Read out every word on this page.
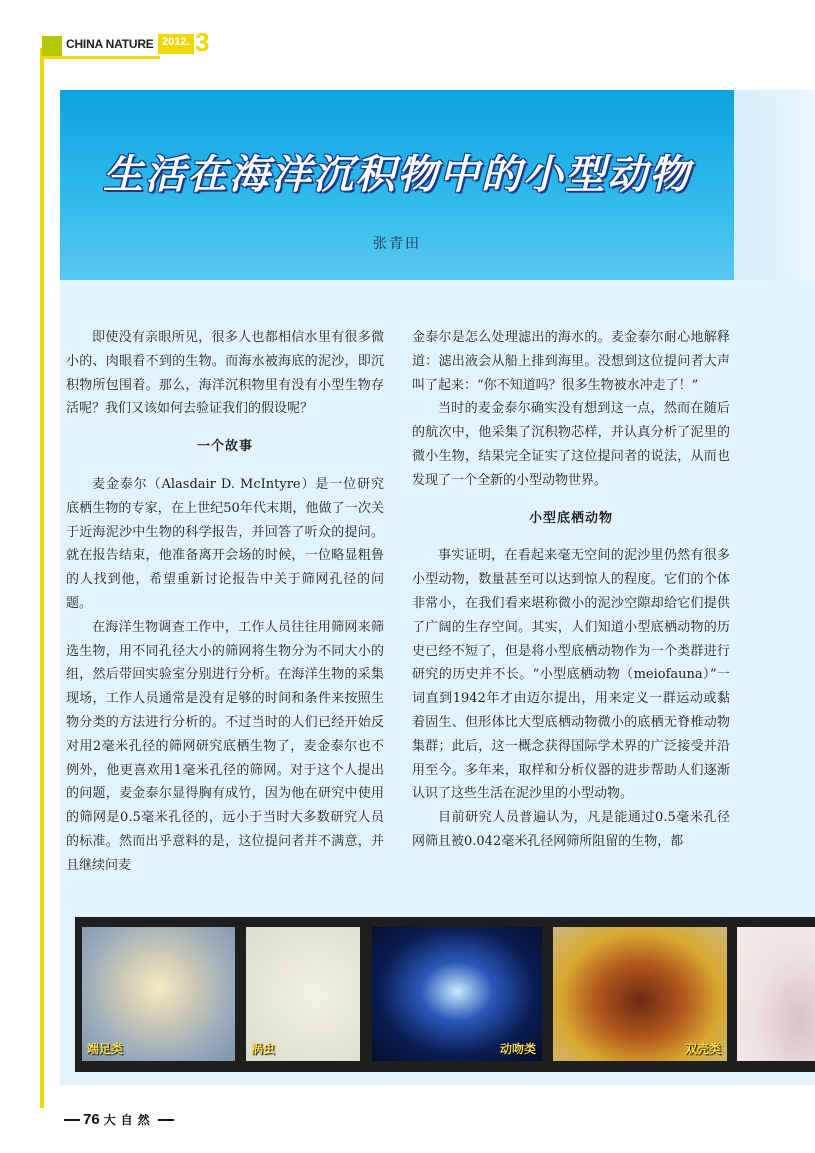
CHINA NATURE 2012. 3
生活在海洋沉积物中的小型动物
张青田

即使没有亲眼所见，很多人也都相信水里有很多微小的、肉眼看不到的生物。而海水被海底的泥沙，即沉积物所包围着。那么，海洋沉积物里有没有小型生物存活呢？我们又该如何去验证我们的假设呢？

一个故事

麦金泰尔（Alasdair D. McIntyre）是一位研究底栖生物的专家，在上世纪50年代末期，他做了一次关于近海泥沙中生物的科学报告，并回答了听众的提问。就在报告结束，他准备离开会场的时候，一位略显粗鲁的人找到他，希望重新讨论报告中关于筛网孔径的问题。

在海洋生物调查工作中，工作人员往往用筛网来筛选生物，用不同孔径大小的筛网将生物分为不同大小的组，然后带回实验室分别进行分析。在海洋生物的采集现场，工作人员通常是没有足够的时间和条件来按照生物分类的方法进行分析的。不过当时的人们已经开始反对用2毫米孔径的筛网研究底栖生物了，麦金泰尔也不例外，他更喜欢用1毫米孔径的筛网。对于这个人提出的问题，麦金泰尔显得胸有成竹，因为他在研究中使用的筛网是0.5毫米孔径的，远小于当时大多数研究人员的标准。然而出乎意料的是，这位提问者并不满意，并且继续问麦

金泰尔是怎么处理滤出的海水的。麦金泰尔耐心地解释道：滤出液会从船上排到海里。没想到这位提问者大声叫了起来：“你不知道吗？很多生物被水冲走了！”

当时的麦金泰尔确实没有想到这一点，然而在随后的航次中，他采集了沉积物芯样，并认真分析了泥里的微小生物，结果完全证实了这位提问者的说法，从而也发现了一个全新的小型动物世界。

小型底栖动物

事实证明，在看起来毫无空间的泥沙里仍然有很多小型动物，数量甚至可以达到惊人的程度。它们的个体非常小，在我们看来堪称微小的泥沙空隙却给它们提供了广阔的生存空间。其实，人们知道小型底栖动物的历史已经不短了，但是将小型底栖动物作为一个类群进行研究的历史并不长。“小型底栖动物（meiofauna）”一词直到1942年才由迈尔提出，用来定义一群运动或黏着固生、但形体比大型底栖动物微小的底栖无脊椎动物集群；此后，这一概念获得国际学术界的广泛接受并沿用至今。多年来，取样和分析仪器的进步帮助人们逐渐认识了这些生活在泥沙里的小型动物。

目前研究人员普遍认为，凡是能通过0.5毫米孔径网筛且被0.042毫米孔径网筛所阻留的生物，都

端足类	涡虫	动吻类	双壳类
76 大自然
